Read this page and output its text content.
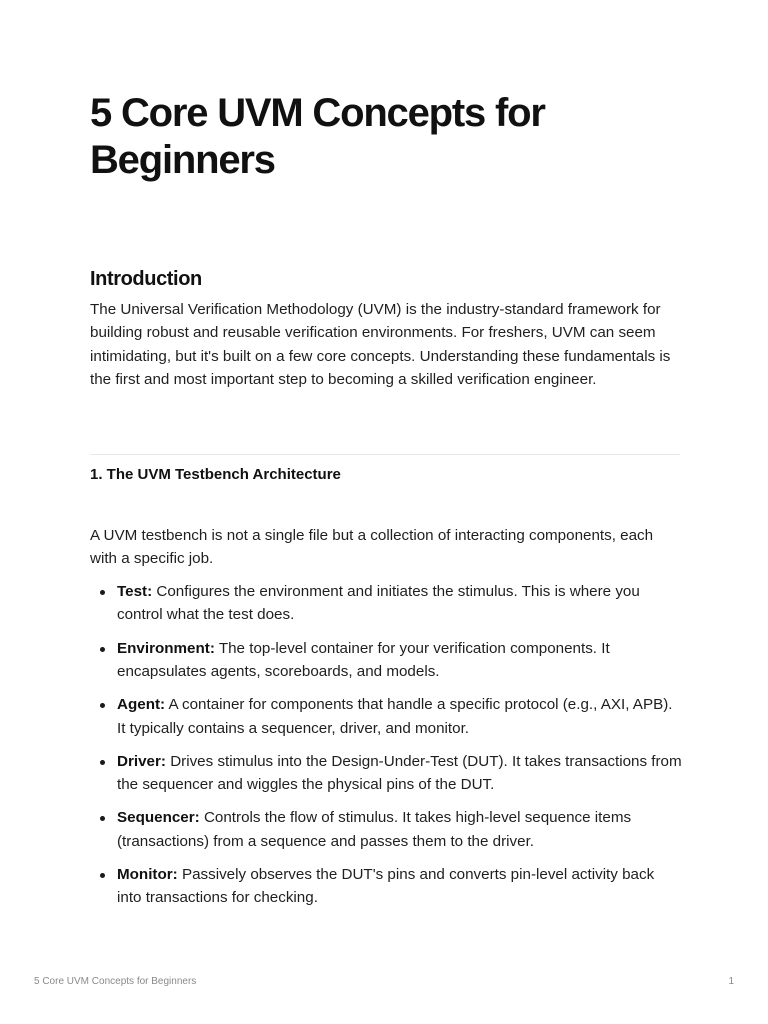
5 Core UVM Concepts for Beginners
Introduction

The Universal Verification Methodology (UVM) is the industry-standard framework for building robust and reusable verification environments. For freshers, UVM can seem intimidating, but it's built on a few core concepts. Understanding these fundamentals is the first and most important step to becoming a skilled verification engineer.

1. The UVM Testbench Architecture

A UVM testbench is not a single file but a collection of interacting components, each with a specific job.

Test: Configures the environment and initiates the stimulus. This is where you control what the test does.
Environment: The top-level container for your verification components. It encapsulates agents, scoreboards, and models.
Agent: A container for components that handle a specific protocol (e.g., AXI, APB). It typically contains a sequencer, driver, and monitor.
Driver: Drives stimulus into the Design-Under-Test (DUT). It takes transactions from the sequencer and wiggles the physical pins of the DUT.
Sequencer: Controls the flow of stimulus. It takes high-level sequence items (transactions) from a sequence and passes them to the driver.
Monitor: Passively observes the DUT's pins and converts pin-level activity back into transactions for checking.
5 Core UVM Concepts for Beginners	1
